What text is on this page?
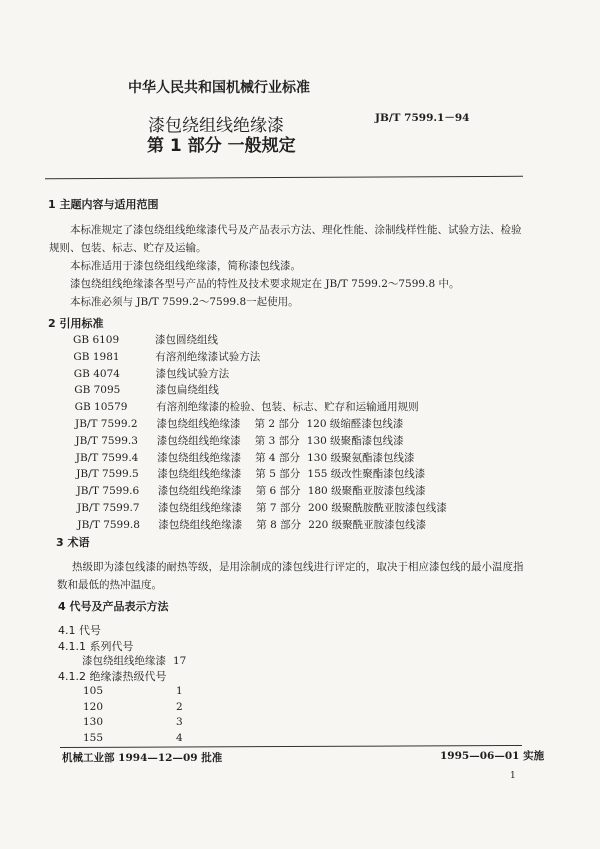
中华人民共和国机械行业标准
JB/T 7599.1－94
漆包绕组线绝缘漆
第 1 部分 一般规定
1 主题内容与适用范围
本标准规定了漆包绕组线绝缘漆代号及产品表示方法、理化性能、涂制线样性能、试验方法、检验
规则、包装、标志、贮存及运输。
本标准适用于漆包绕组线绝缘漆，简称漆包线漆。
漆包绕组线绝缘漆各型号产品的特性及技术要求规定在 JB/T 7599.2～7599.8 中。
本标准必须与 JB/T 7599.2～7599.8一起使用。
2 引用标准
GB 6109	漆包圆绕组线
GB 1981	有溶剂绝缘漆试验方法
GB 4074	漆包线试验方法
GB 7095	漆包扁绕组线
GB 10579	有溶剂绝缘漆的检验、包装、标志、贮存和运输通用规则
JB/T 7599.2 漆包绕组线绝缘漆 第 2 部分 120 级缩醛漆包线漆
JB/T 7599.3 漆包绕组线绝缘漆 第 3 部分 130 级聚酯漆包线漆
JB/T 7599.4 漆包绕组线绝缘漆 第 4 部分 130 级聚氨酯漆包线漆
JB/T 7599.5 漆包绕组线绝缘漆 第 5 部分 155 级改性聚酯漆包线漆
JB/T 7599.6 漆包绕组线绝缘漆 第 6 部分 180 级聚酯亚胺漆包线漆
JB/T 7599.7 漆包绕组线绝缘漆 第 7 部分 200 级聚酰胺酰亚胺漆包线漆
JB/T 7599.8 漆包绕组线绝缘漆 第 8 部分 220 级聚酰亚胺漆包线漆
3 术语
热级即为漆包线漆的耐热等级，是用涂制成的漆包线进行评定的，取决于相应漆包线的最小温度指
数和最低的热冲温度。
4 代号及产品表示方法
4.1 代号
4.1.1 系列代号
漆包绕组线绝缘漆 17
4.1.2 绝缘漆热级代号
105	1
120	2
130	3
155	4
机械工业部 1994—12—09 批准	1995—06—01 实施
1
